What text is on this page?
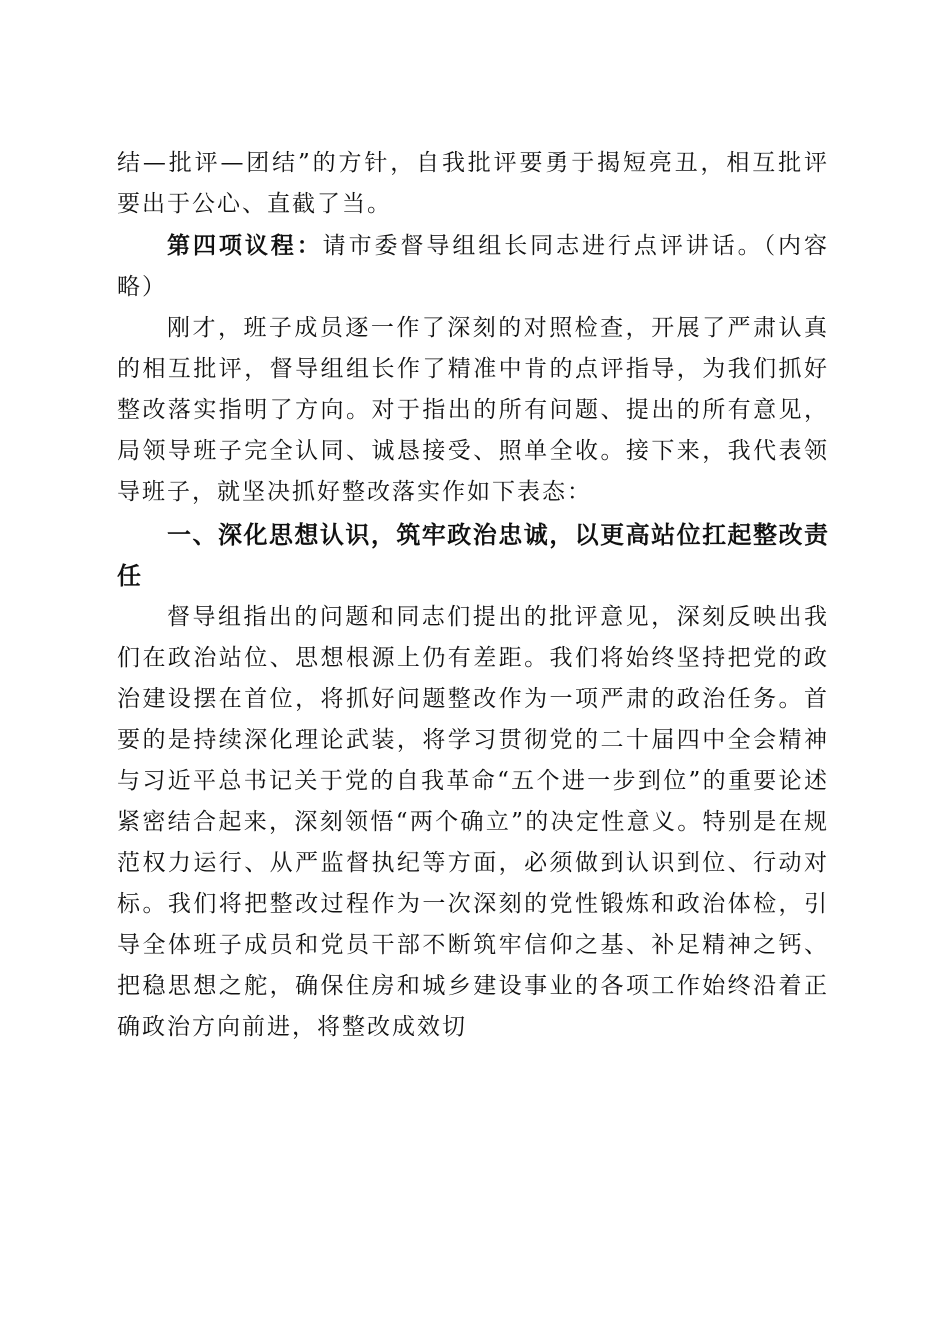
结—批评—团结”的方针，自我批评要勇于揭短亮丑，相互批评要出于公心、直截了当。

第四项议程：请市委督导组组长同志进行点评讲话。（内容略）

刚才，班子成员逐一作了深刻的对照检查，开展了严肃认真的相互批评，督导组组长作了精准中肯的点评指导，为我们抓好整改落实指明了方向。对于指出的所有问题、提出的所有意见，局领导班子完全认同、诚恳接受、照单全收。接下来，我代表领导班子，就坚决抓好整改落实作如下表态：

一、深化思想认识，筑牢政治忠诚，以更高站位扛起整改责任

督导组指出的问题和同志们提出的批评意见，深刻反映出我们在政治站位、思想根源上仍有差距。我们将始终坚持把党的政治建设摆在首位，将抓好问题整改作为一项严肃的政治任务。首要的是持续深化理论武装，将学习贯彻党的二十届四中全会精神与习近平总书记关于党的自我革命“五个进一步到位”的重要论述紧密结合起来，深刻领悟“两个确立”的决定性意义。特别是在规范权力运行、从严监督执纪等方面，必须做到认识到位、行动对标。我们将把整改过程作为一次深刻的党性锻炼和政治体检，引导全体班子成员和党员干部不断筑牢信仰之基、补足精神之钙、把稳思想之舵，确保住房和城乡建设事业的各项工作始终沿着正确政治方向前进，将整改成效切
